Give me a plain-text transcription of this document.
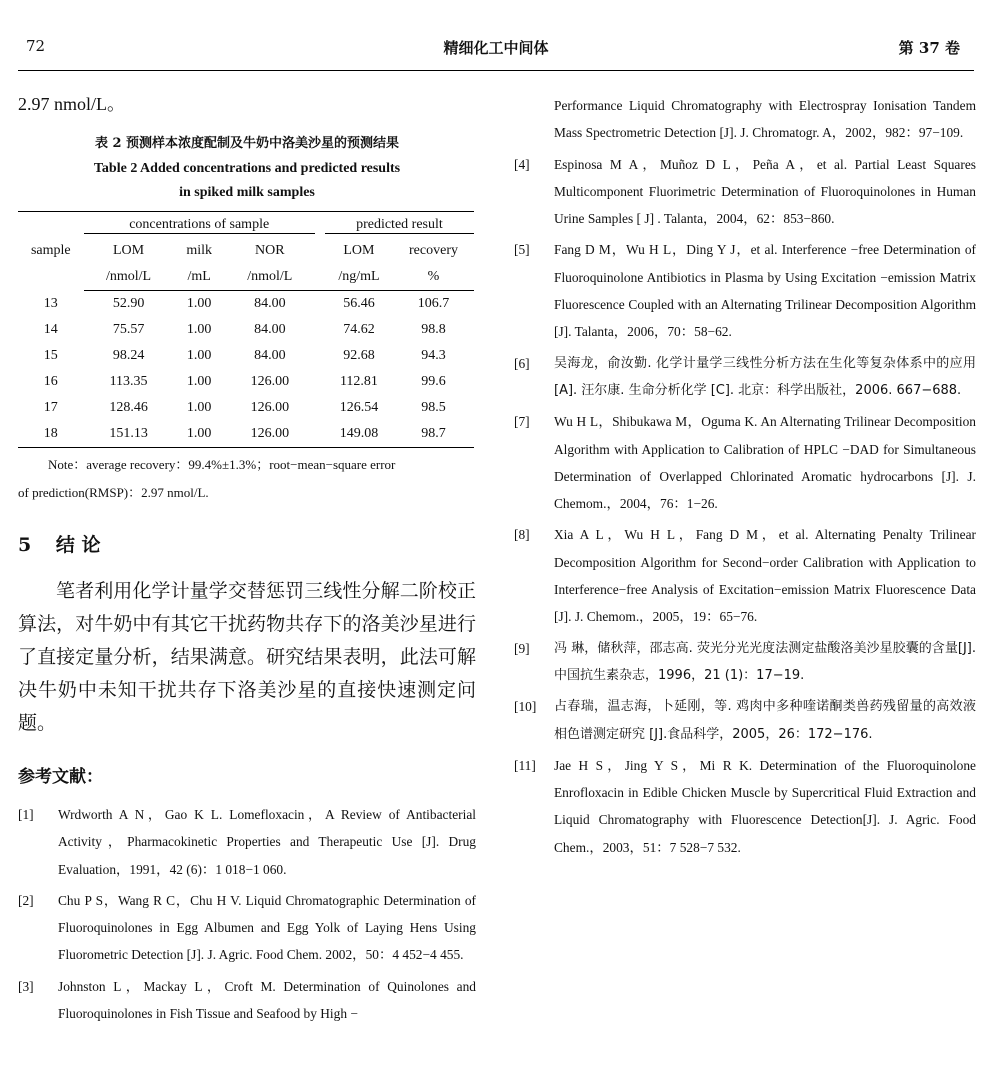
72	精细化工中间体	第 37 卷

2.97 nmol/L。

表 2 预测样本浓度配制及牛奶中洛美沙星的预测结果
Table 2 Added concentrations and predicted results
in spiked milk samples
sample	concentrations of sample				predicted result	

	LOM	milk	NOR		LOM	recovery
	/nmol/L	/mL	/nmol/L		/ng/mL	%
13	52.90	1.00	84.00		56.46	106.7
14	75.57	1.00	84.00		74.62	98.8
15	98.24	1.00	84.00		92.68	94.3
16	113.35	1.00	126.00		112.81	99.6
17	128.46	1.00	126.00		126.54	98.5
18	151.13	1.00	126.00		149.08	98.7
Note：average recovery：99.4%±1.3%；root−mean−square error
of prediction(RMSP)：2.97 nmol/L.
5 结 论

笔者利用化学计量学交替惩罚三线性分解二阶校正算法，对牛奶中有其它干扰药物共存下的洛美沙星进行了直接定量分析，结果满意。研究结果表明，此法可解决牛奶中未知干扰共存下洛美沙星的直接快速测定问题。

参考文献：
[1]	Wrdworth A N，Gao K L. Lomefloxacin，A Review of Antibacterial Activity，Pharmacokinetic Properties and Therapeutic Use [J]. Drug Evaluation，1991，42 (6)：1 018−1 060.
[2]	Chu P S，Wang R C，Chu H V. Liquid Chromatographic Determination of Fluoroquinolones in Egg Albumen and Egg Yolk of Laying Hens Using Fluorometric Detection [J]. J. Agric. Food Chem. 2002，50：4 452−4 455.
[3]	Johnston L，Mackay L，Croft M. Determination of Quinolones and Fluoroquinolones in Fish Tissue and Seafood by High −
Performance Liquid Chromatography with Electrospray Ionisation Tandem Mass Spectrometric Detection [J]. J. Chromatogr. A，2002，982：97−109.
[4]	Espinosa M A，Muñoz D L，Peña A，et al. Partial Least Squares Multicomponent Fluorimetric Determination of Fluoroquinolones in Human Urine Samples [ J] . Talanta，2004，62：853−860.
[5]	Fang D M，Wu H L，Ding Y J，et al. Interference −free Determination of Fluoroquinolone Antibiotics in Plasma by Using Excitation −emission Matrix Fluorescence Coupled with an Alternating Trilinear Decomposition Algorithm [J]. Talanta，2006，70：58−62.
[6]	吴海龙，俞汝勤. 化学计量学三线性分析方法在生化等复杂体系中的应用 [A]. 汪尔康. 生命分析化学 [C]. 北京：科学出版社，2006. 667−688.
[7]	Wu H L，Shibukawa M，Oguma K. An Alternating Trilinear Decomposition Algorithm with Application to Calibration of HPLC −DAD for Simultaneous Determination of Overlapped Chlorinated Aromatic hydrocarbons [J]. J. Chemom.，2004，76：1−26.
[8]	Xia A L，Wu H L，Fang D M，et al. Alternating Penalty Trilinear Decomposition Algorithm for Second−order Calibration with Application to Interference−free Analysis of Excitation−emission Matrix Fluorescence Data [J]. J. Chemom.，2005，19：65−76.
[9]	冯 琳，储秋萍，邵志高. 荧光分光光度法测定盐酸洛美沙星胶囊的含量[J].中国抗生素杂志，1996，21 (1)：17−19.
[10]	占春瑞，温志海，卜延刚，等. 鸡肉中多种喹诺酮类兽药残留量的高效液相色谱测定研究 [J].食品科学，2005，26：172−176.
[11]	Jae H S，Jing Y S，Mi R K. Determination of the Fluoroquinolone Enrofloxacin in Edible Chicken Muscle by Supercritical Fluid Extraction and Liquid Chromatography with Fluorescence Detection[J]. J. Agric. Food Chem.，2003，51：7 528−7 532.
